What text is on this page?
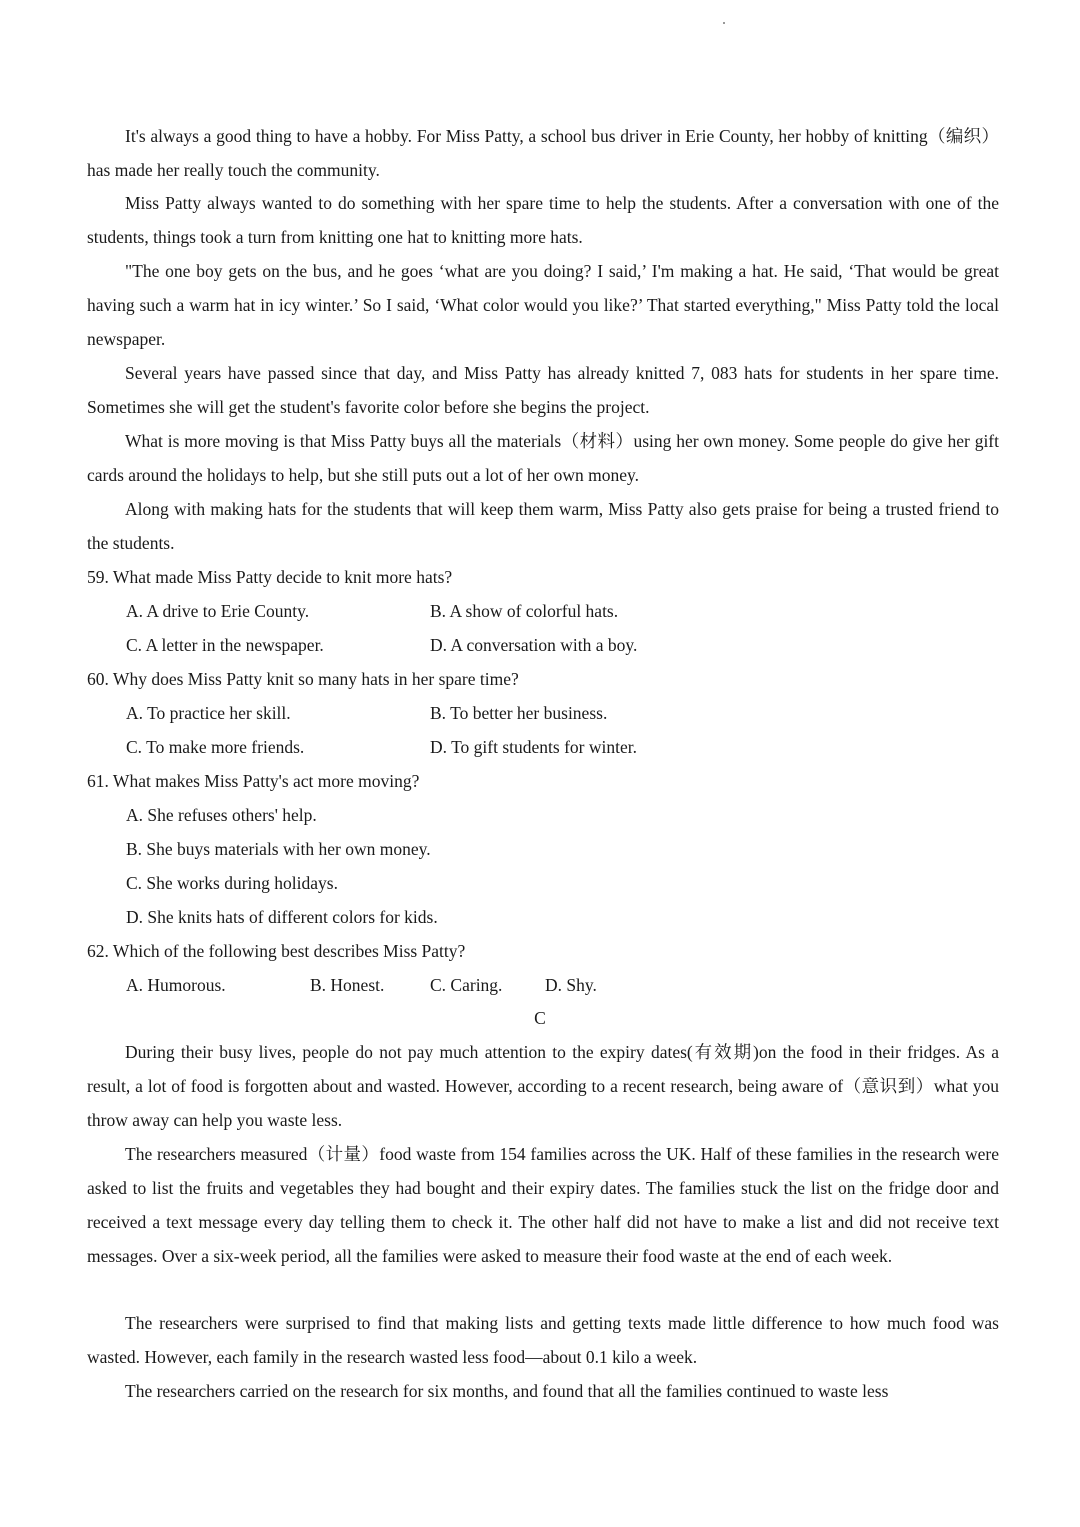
It's always a good thing to have a hobby. For Miss Patty, a school bus driver in Erie County, her hobby of knitting（编织）has made her really touch the community.

Miss Patty always wanted to do something with her spare time to help the students. After a conversation with one of the students, things took a turn from knitting one hat to knitting more hats.

"The one boy gets on the bus, and he goes ‘what are you doing? I said,’ I'm making a hat. He said, ‘That would be great having such a warm hat in icy winter.’ So I said, ‘What color would you like?’ That started everything," Miss Patty told the local newspaper.

Several years have passed since that day, and Miss Patty has already knitted 7, 083 hats for students in her spare time. Sometimes she will get the student's favorite color before she begins the project.

What is more moving is that Miss Patty buys all the materials（材料）using her own money. Some people do give her gift cards around the holidays to help, but she still puts out a lot of her own money.

Along with making hats for the students that will keep them warm, Miss Patty also gets praise for being a trusted friend to the students.

59. What made Miss Patty decide to knit more hats?

A. A drive to Erie County.	B. A show of colorful hats.

C. A letter in the newspaper.	D. A conversation with a boy.

60. Why does Miss Patty knit so many hats in her spare time?

A. To practice her skill.	B. To better her business.

C. To make more friends.	D. To gift students for winter.

61. What makes Miss Patty's act more moving?

A. She refuses others' help.

B. She buys materials with her own money.

C. She works during holidays.

D. She knits hats of different colors for kids.

62. Which of the following best describes Miss Patty?

A. Humorous.	B. Honest.	C. Caring. D. Shy.

C

During their busy lives, people do not pay much attention to the expiry dates(有效期)on the food in their fridges. As a result, a lot of food is forgotten about and wasted. However, according to a recent research, being aware of（意识到）what you throw away can help you waste less.

The researchers measured（计量）food waste from 154 families across the UK. Half of these families in the research were asked to list the fruits and vegetables they had bought and their expiry dates. The families stuck the list on the fridge door and received a text message every day telling them to check it. The other half did not have to make a list and did not receive text messages. Over a six-week period, all the families were asked to measure their food waste at the end of each week.

The researchers were surprised to find that making lists and getting texts made little difference to how much food was wasted. However, each family in the research wasted less food—about 0.1 kilo a week.

The researchers carried on the research for six months, and found that all the families continued to waste less
